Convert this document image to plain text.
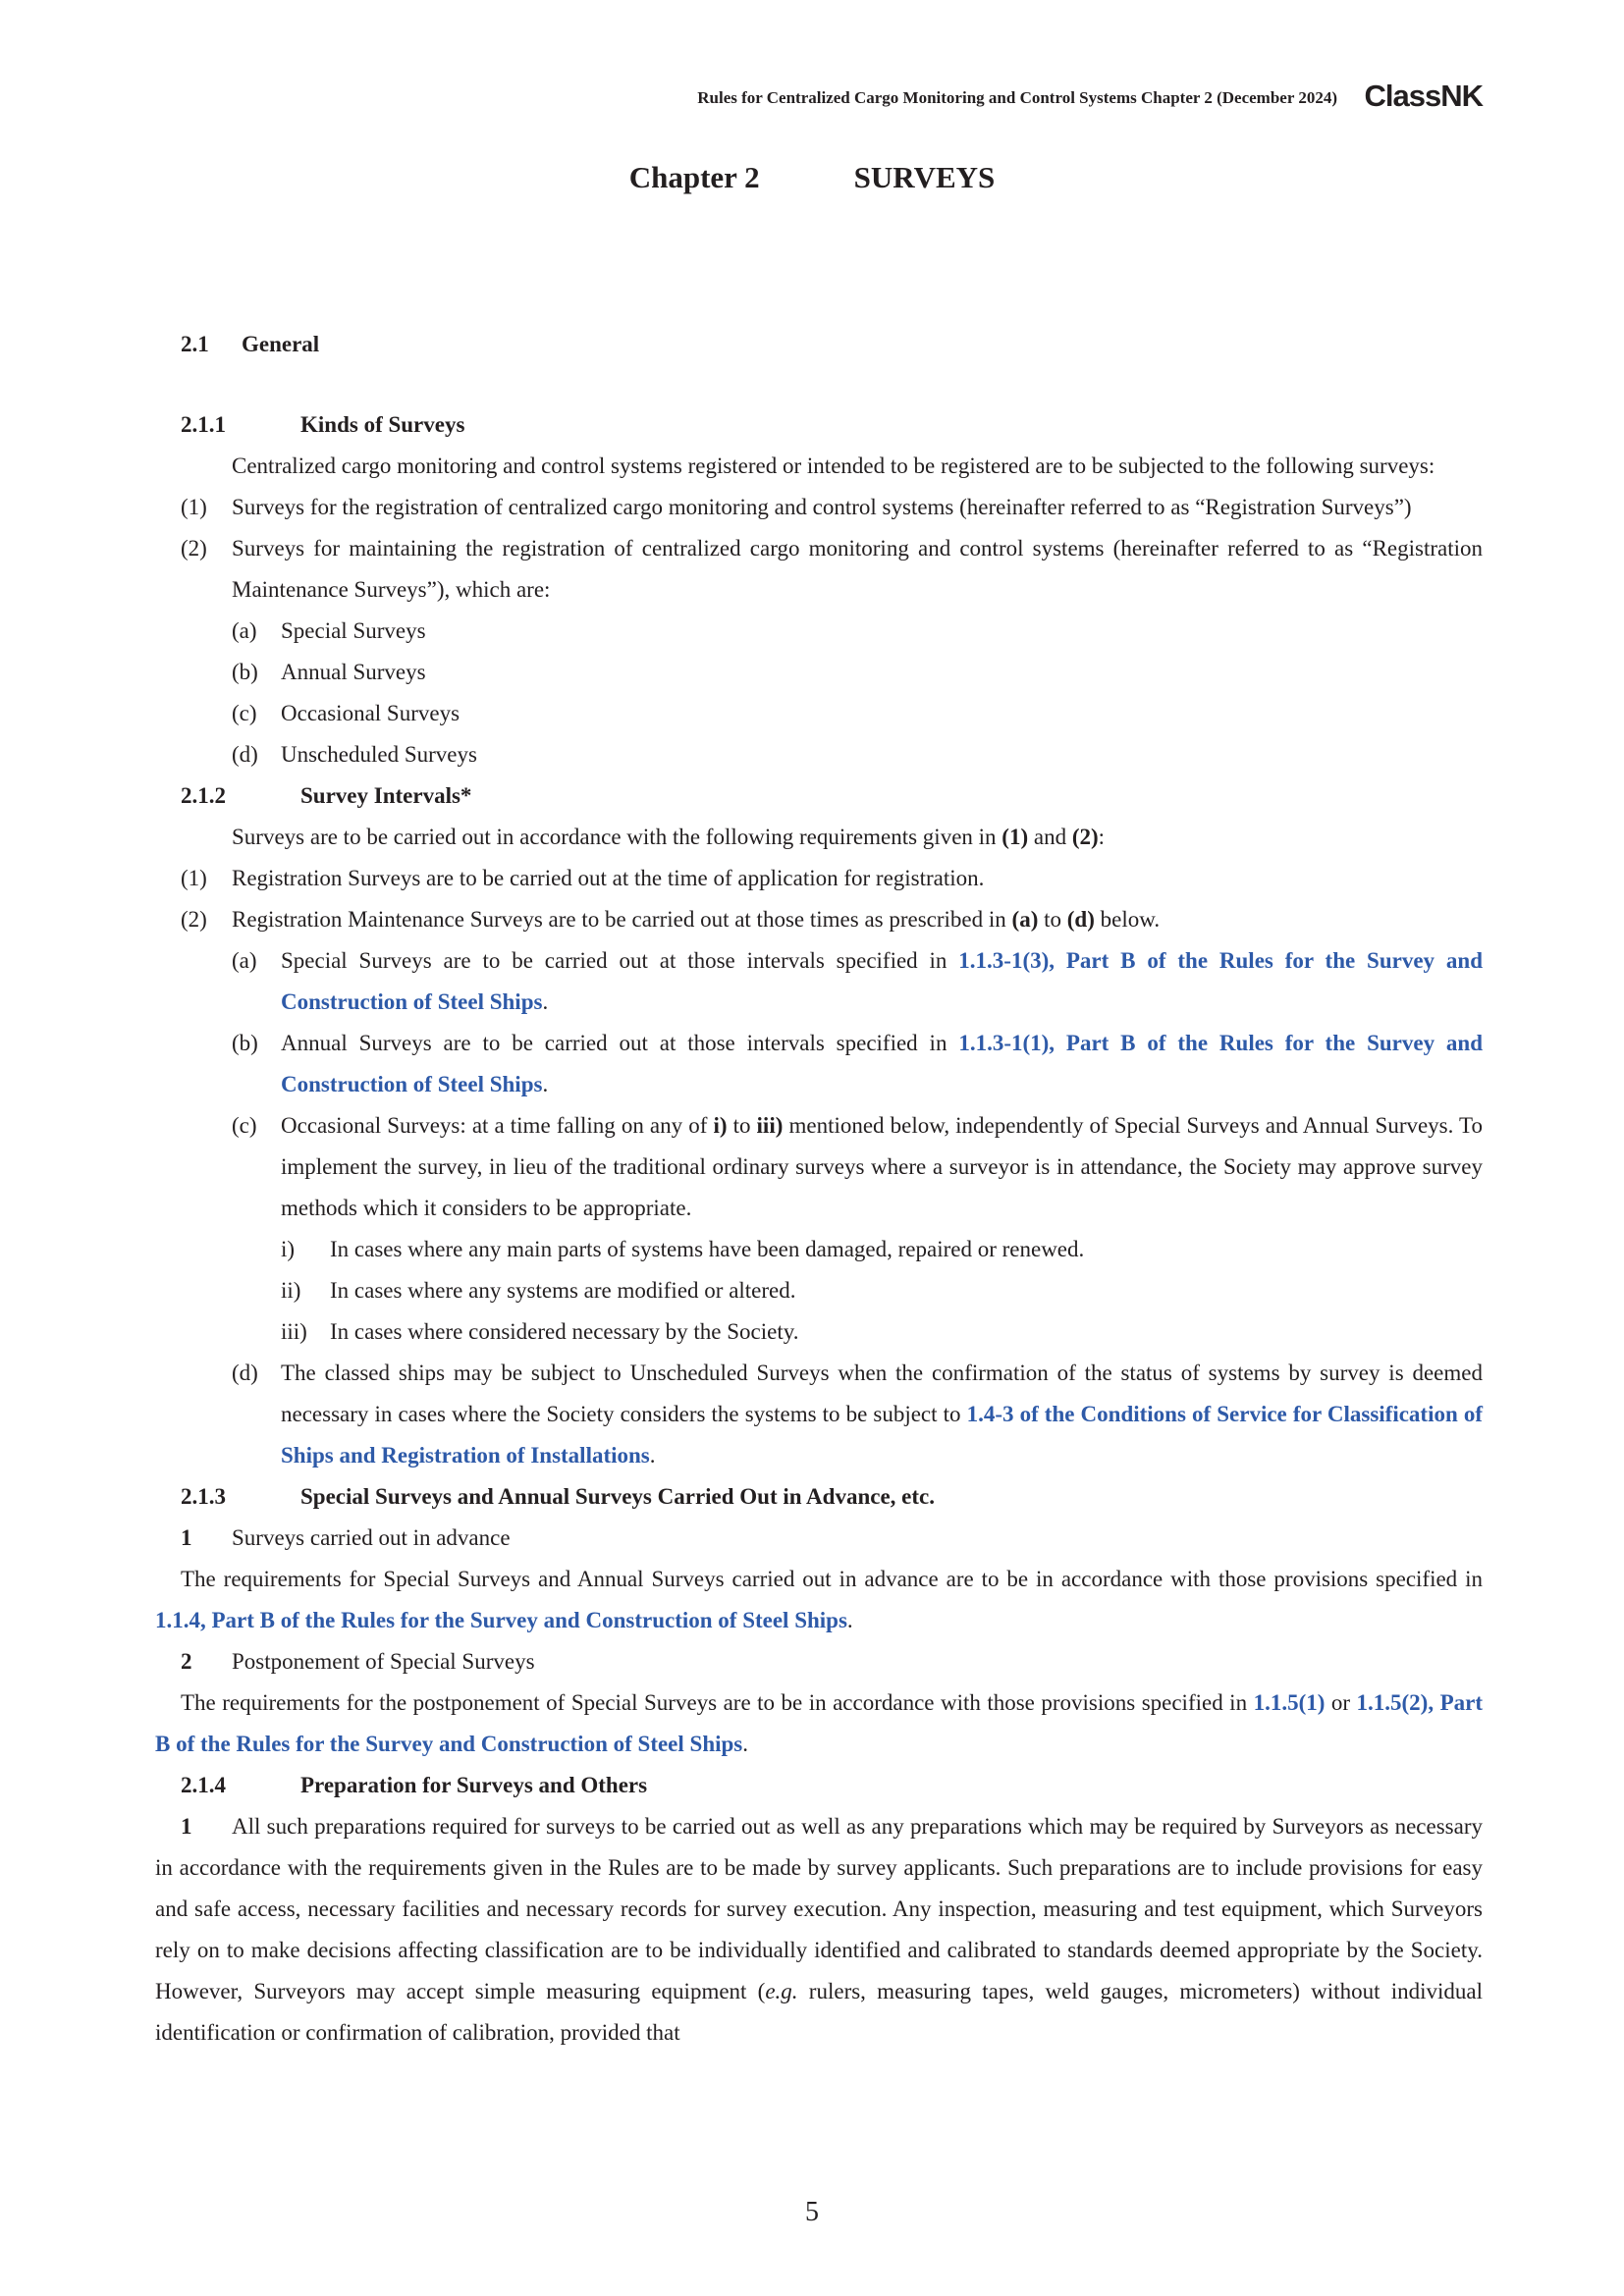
Rules for Centralized Cargo Monitoring and Control Systems Chapter 2 (December 2024) ClassNK
Chapter 2	SURVEYS

2.1 General

2.1.1	Kinds of Surveys

Centralized cargo monitoring and control systems registered or intended to be registered are to be subjected to the following surveys:

(1) Surveys for the registration of centralized cargo monitoring and control systems (hereinafter referred to as “Registration Surveys”)

(2) Surveys for maintaining the registration of centralized cargo monitoring and control systems (hereinafter referred to as “Registration Maintenance Surveys”), which are:

(a) Special Surveys

(b) Annual Surveys

(c) Occasional Surveys

(d) Unscheduled Surveys

2.1.2	Survey Intervals*

Surveys are to be carried out in accordance with the following requirements given in (1) and (2):

(1) Registration Surveys are to be carried out at the time of application for registration.

(2) Registration Maintenance Surveys are to be carried out at those times as prescribed in (a) to (d) below.

(a) Special Surveys are to be carried out at those intervals specified in 1.1.3-1(3), Part B of the Rules for the Survey and Construction of Steel Ships.

(b) Annual Surveys are to be carried out at those intervals specified in 1.1.3-1(1), Part B of the Rules for the Survey and Construction of Steel Ships.

(c) Occasional Surveys: at a time falling on any of i) to iii) mentioned below, independently of Special Surveys and Annual Surveys. To implement the survey, in lieu of the traditional ordinary surveys where a surveyor is in attendance, the Society may approve survey methods which it considers to be appropriate.

i) In cases where any main parts of systems have been damaged, repaired or renewed.

ii) In cases where any systems are modified or altered.

iii) In cases where considered necessary by the Society.

(d) The classed ships may be subject to Unscheduled Surveys when the confirmation of the status of systems by survey is deemed necessary in cases where the Society considers the systems to be subject to 1.4-3 of the Conditions of Service for Classification of Ships and Registration of Installations.

2.1.3	Special Surveys and Annual Surveys Carried Out in Advance, etc.

1 Surveys carried out in advance

The requirements for Special Surveys and Annual Surveys carried out in advance are to be in accordance with those provisions specified in 1.1.4, Part B of the Rules for the Survey and Construction of Steel Ships.

2 Postponement of Special Surveys

The requirements for the postponement of Special Surveys are to be in accordance with those provisions specified in 1.1.5(1) or 1.1.5(2), Part B of the Rules for the Survey and Construction of Steel Ships.

2.1.4	Preparation for Surveys and Others

1 All such preparations required for surveys to be carried out as well as any preparations which may be required by Surveyors as necessary in accordance with the requirements given in the Rules are to be made by survey applicants. Such preparations are to include provisions for easy and safe access, necessary facilities and necessary records for survey execution. Any inspection, measuring and test equipment, which Surveyors rely on to make decisions affecting classification are to be individually identified and calibrated to standards deemed appropriate by the Society. However, Surveyors may accept simple measuring equipment (e.g. rulers, measuring tapes, weld gauges, micrometers) without individual identification or confirmation of calibration, provided that

5
